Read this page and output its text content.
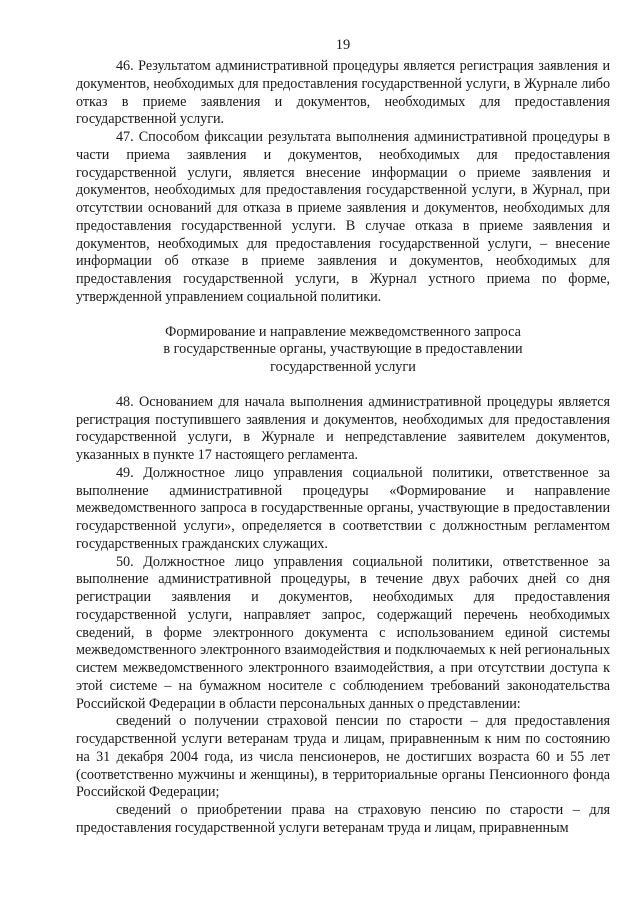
19

46. Результатом административной процедуры является регистрация заявления и документов, необходимых для предоставления государственной услуги, в Журнале либо отказ в приеме заявления и документов, необходимых для предоставления государственной услуги.

47. Способом фиксации результата выполнения административной процедуры в части приема заявления и документов, необходимых для предоставления государственной услуги, является внесение информации о приеме заявления и документов, необходимых для предоставления государственной услуги, в Журнал, при отсутствии оснований для отказа в приеме заявления и документов, необходимых для предоставления государственной услуги. В случае отказа в приеме заявления и документов, необходимых для предоставления государственной услуги, – внесение информации об отказе в приеме заявления и документов, необходимых для предоставления государственной услуги, в Журнал устного приема по форме, утвержденной управлением социальной политики.

Формирование и направление межведомственного запроса
в государственные органы, участвующие в предоставлении
государственной услуги

48. Основанием для начала выполнения административной процедуры является регистрация поступившего заявления и документов, необходимых для предоставления государственной услуги, в Журнале и непредставление заявителем документов, указанных в пункте 17 настоящего регламента.

49. Должностное лицо управления социальной политики, ответственное за выполнение административной процедуры «Формирование и направление межведомственного запроса в государственные органы, участвующие в предоставлении государственной услуги», определяется в соответствии с должностным регламентом государственных гражданских служащих.

50. Должностное лицо управления социальной политики, ответственное за выполнение административной процедуры, в течение двух рабочих дней со дня регистрации заявления и документов, необходимых для предоставления государственной услуги, направляет запрос, содержащий перечень необходимых сведений, в форме электронного документа с использованием единой системы межведомственного электронного взаимодействия и подключаемых к ней региональных систем межведомственного электронного взаимодействия, а при отсутствии доступа к этой системе – на бумажном носителе с соблюдением требований законодательства Российской Федерации в области персональных данных о представлении:

сведений о получении страховой пенсии по старости – для предоставления государственной услуги ветеранам труда и лицам, приравненным к ним по состоянию на 31 декабря 2004 года, из числа пенсионеров, не достигших возраста 60 и 55 лет (соответственно мужчины и женщины), в территориальные органы Пенсионного фонда Российской Федерации;

сведений о приобретении права на страховую пенсию по старости – для предоставления государственной услуги ветеранам труда и лицам, приравненным
